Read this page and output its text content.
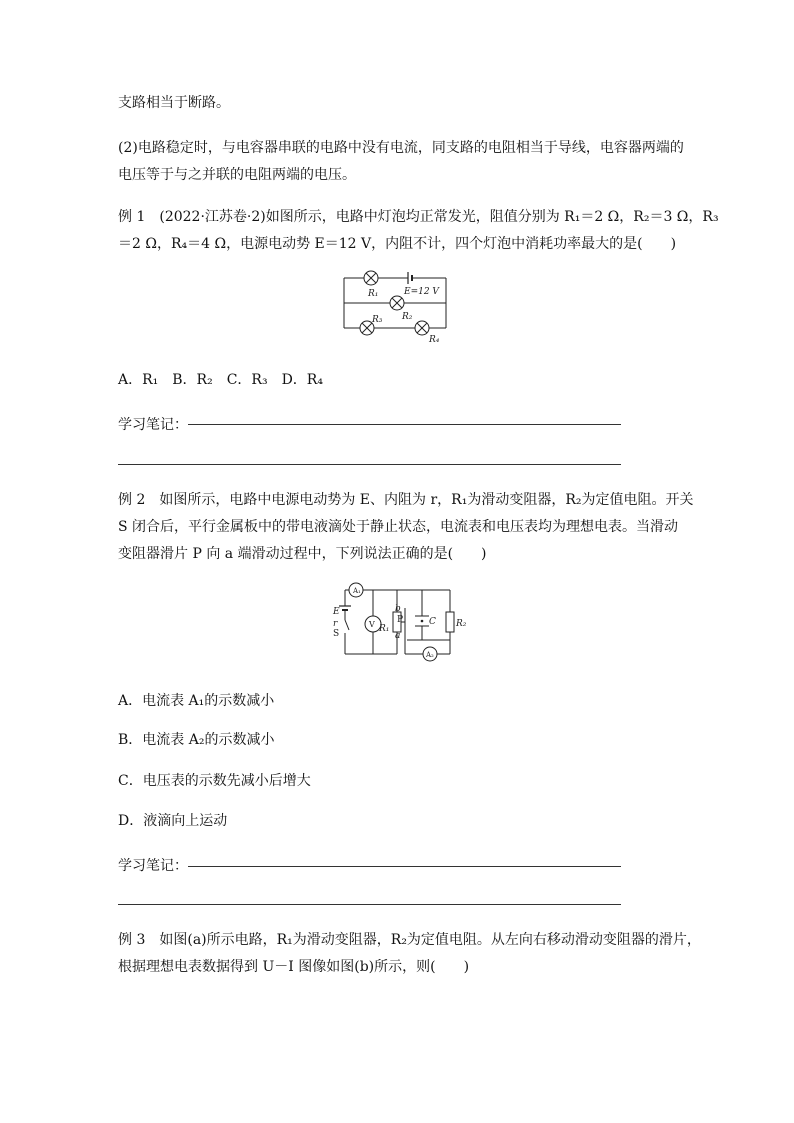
支路相当于断路。
(2)电路稳定时，与电容器串联的电路中没有电流，同支路的电阻相当于导线，电容器两端的
电压等于与之并联的电阻两端的电压。
例 1　(2022·江苏卷·2)如图所示，电路中灯泡均正常发光，阻值分别为 R₁＝2 Ω，R₂＝3 Ω，R₃
＝2 Ω，R₄＝4 Ω，电源电动势 E＝12 V，内阻不计，四个灯泡中消耗功率最大的是(　　)
R₁	E=12 V
R₂
R₃
R₄
A．R₁　B．R₂　C．R₃　D．R₄
学习笔记：
例 2　如图所示，电路中电源电动势为 E、内阻为 r，R₁为滑动变阻器，R₂为定值电阻。开关
S 闭合后，平行金属板中的带电液滴处于静止状态，电流表和电压表均为理想电表。当滑动
变阻器滑片 P 向 a 端滑动过程中，下列说法正确的是(　　)
A₁
E
r
S
V R₁
b
P
a
C R₂
A₂
A．电流表 A₁的示数减小
B．电流表 A₂的示数减小
C．电压表的示数先减小后增大
D．液滴向上运动
学习笔记：
例 3　如图(a)所示电路，R₁为滑动变阻器，R₂为定值电阻。从左向右移动滑动变阻器的滑片，
根据理想电表数据得到 U－I 图像如图(b)所示，则(　　)
